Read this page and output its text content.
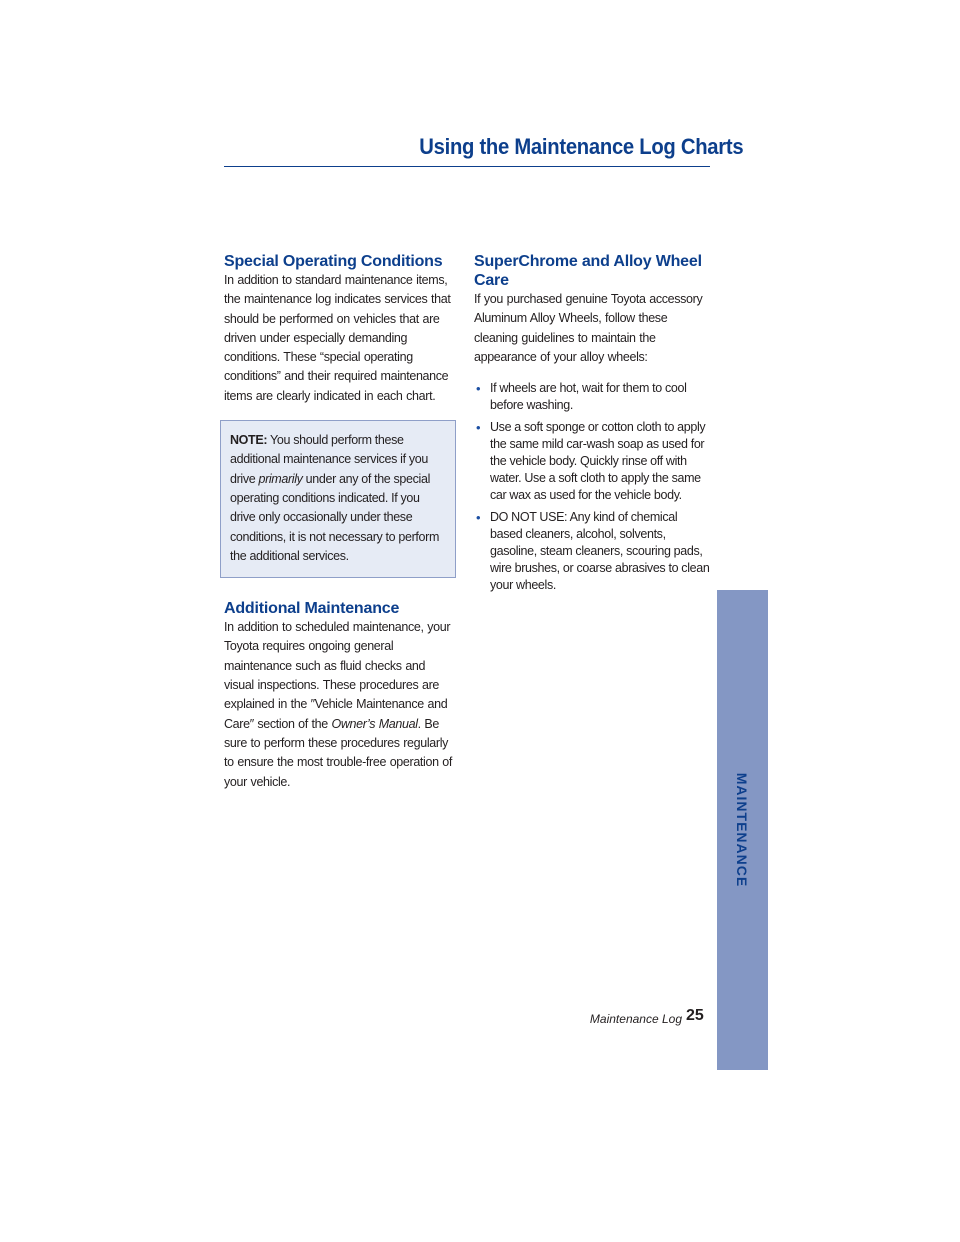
Using the Maintenance Log Charts
Special Operating Conditions

In addition to standard maintenance items, the maintenance log indicates services that should be performed on vehicles that are driven under especially demanding conditions. These “special operating conditions” and their required maintenance items are clearly indicated in each chart.

NOTE: You should perform these additional maintenance services if you drive primarily under any of the special operating conditions indicated. If you drive only occasionally under these conditions, it is not necessary to perform the additional services.

Additional Maintenance

In addition to scheduled maintenance, your Toyota requires ongoing general maintenance such as fluid checks and visual inspections. These procedures are explained in the ″Vehicle Maintenance and Care″ section of the Owner’s Manual. Be sure to perform these procedures regularly to ensure the most trouble-free operation of your vehicle.

SuperChrome and Alloy Wheel Care

If you purchased genuine Toyota accessory Aluminum Alloy Wheels, follow these cleaning guidelines to maintain the appearance of your alloy wheels:

• If wheels are hot, wait for them to cool before washing.
• Use a soft sponge or cotton cloth to apply the same mild car-wash soap as used for the vehicle body. Quickly rinse off with water. Use a soft cloth to apply the same car wax as used for the vehicle body.
• DO NOT USE: Any kind of chemical based cleaners, alcohol, solvents, gasoline, steam cleaners, scouring pads, wire brushes, or coarse abrasives to clean your wheels.
Maintenance Log 25
MAINTENANCE
